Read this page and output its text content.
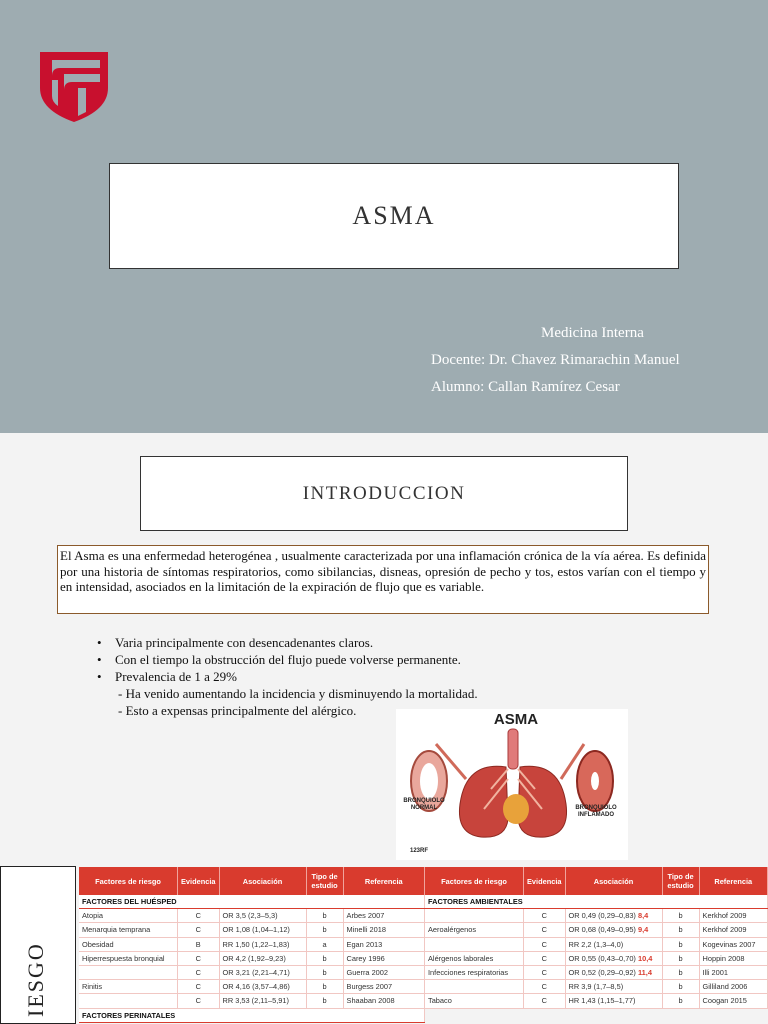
ASMA
Medicina Interna
Docente: Dr. Chavez Rimarachin Manuel
Alumno: Callan Ramírez Cesar
INTRODUCCION
El Asma es una enfermedad heterogénea , usualmente caracterizada por una inflamación crónica de la vía aérea. Es definida por una historia de síntomas respiratorios, como sibilancias, disneas, opresión de pecho y tos, estos varían con el tiempo y en intensidad, asociados en la limitación de la expiración de flujo que es variable.
• Varia principalmente con desencadenantes claros.
• Con el tiempo la obstrucción del flujo puede volverse permanente.
• Prevalencia de 1 a 29%
- Ha venido aumentando la incidencia y disminuyendo la mortalidad.
- Esto a expensas principalmente del alérgico.
ASMA
BRONQUIOLO NORMAL	BRONQUIOLO INFLAMADO
123RF
IESGO
Factores de riesgo	Evidencia	Asociación	Tipo de estudio	Referencia
FACTORES DEL HUÉSPED				
Atopia	C	OR 3,5 (2,3–5,3)	b	Arbes 2007
Menarquia temprana	C	OR 1,08 (1,04–1,12)	b	Minelli 2018
Obesidad	B	RR 1,50 (1,22–1,83)	a	Egan 2013
Hiperrespuesta bronquial	C	OR 4,2 (1,92–9,23)	b	Carey 1996
	C	OR 3,21 (2,21–4,71)	b	Guerra 2002
Rinitis	C	OR 4,16 (3,57–4,86)	b	Burgess 2007
	C	RR 3,53 (2,11–5,91)	b	Shaaban 2008
FACTORES PERINATALES				
Factores de riesgo	Evidencia	Asociación	Tipo de estudio	Referencia
FACTORES AMBIENTALES				
	C	OR 0,49 (0,29–0,83) 8,4	b	Kerkhof 2009
Aeroalérgenos	C	OR 0,68 (0,49–0,95) 9,4	b	Kerkhof 2009
	C	RR 2,2 (1,3–4,0)	b	Kogevinas 2007
Alérgenos laborales	C	OR 0,55 (0,43–0,70) 10,4	b	Hoppin 2008
Infecciones respiratorias	C	OR 0,52 (0,29–0,92) 11,4	b	Illi 2001
	C	RR 3,9 (1,7–8,5)	b	Gilliland 2006
Tabaco	C	HR 1,43 (1,15–1,77)	b	Coogan 2015
